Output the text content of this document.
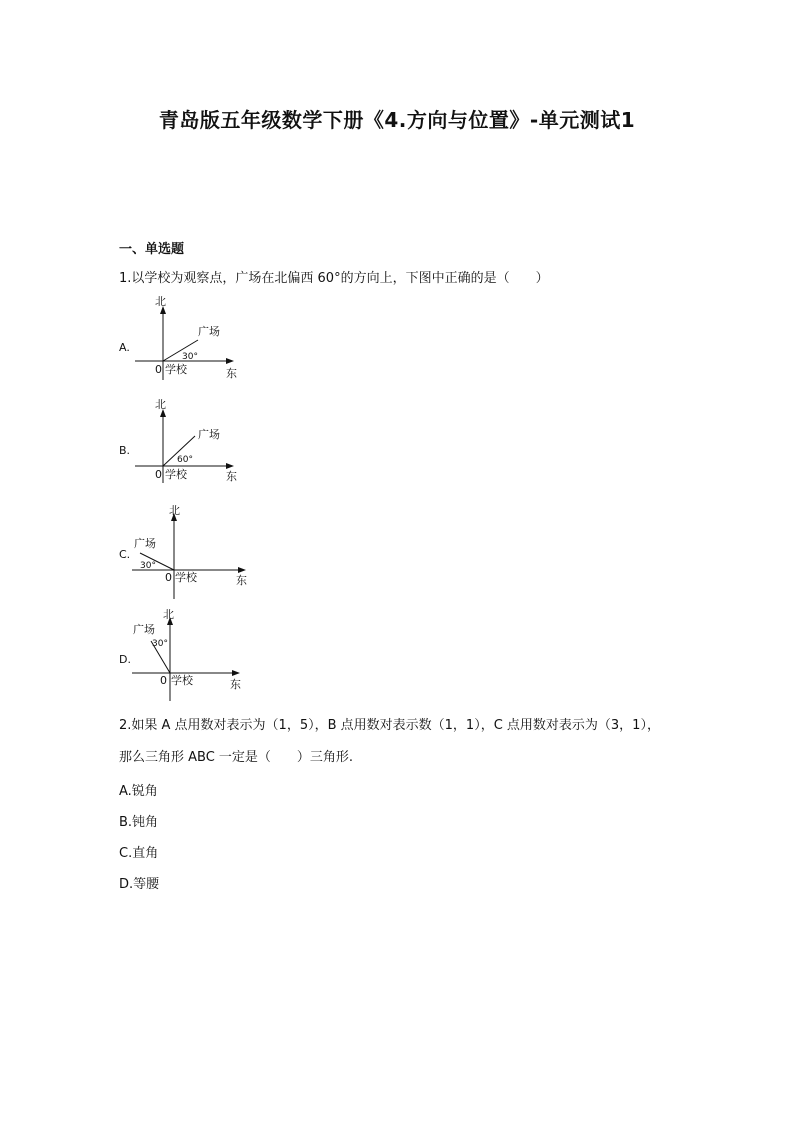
青岛版五年级数学下册《4.方向与位置》-单元测试1
一、单选题
1.以学校为观察点，广场在北偏西 60°的方向上，下图中正确的是（　　）
A.
北
东
0 学校
广场
30°
B.
北
东
0 学校
广场
60°
C.
北
东
0 学校
广场
30°
D.
北
东
0 学校
广场
30°
2.如果 A 点用数对表示为（1，5），B 点用数对表示数（1，1），C 点用数对表示为（3，1），
那么三角形 ABC 一定是（　　）三角形.
A.锐角
B.钝角
C.直角
D.等腰
